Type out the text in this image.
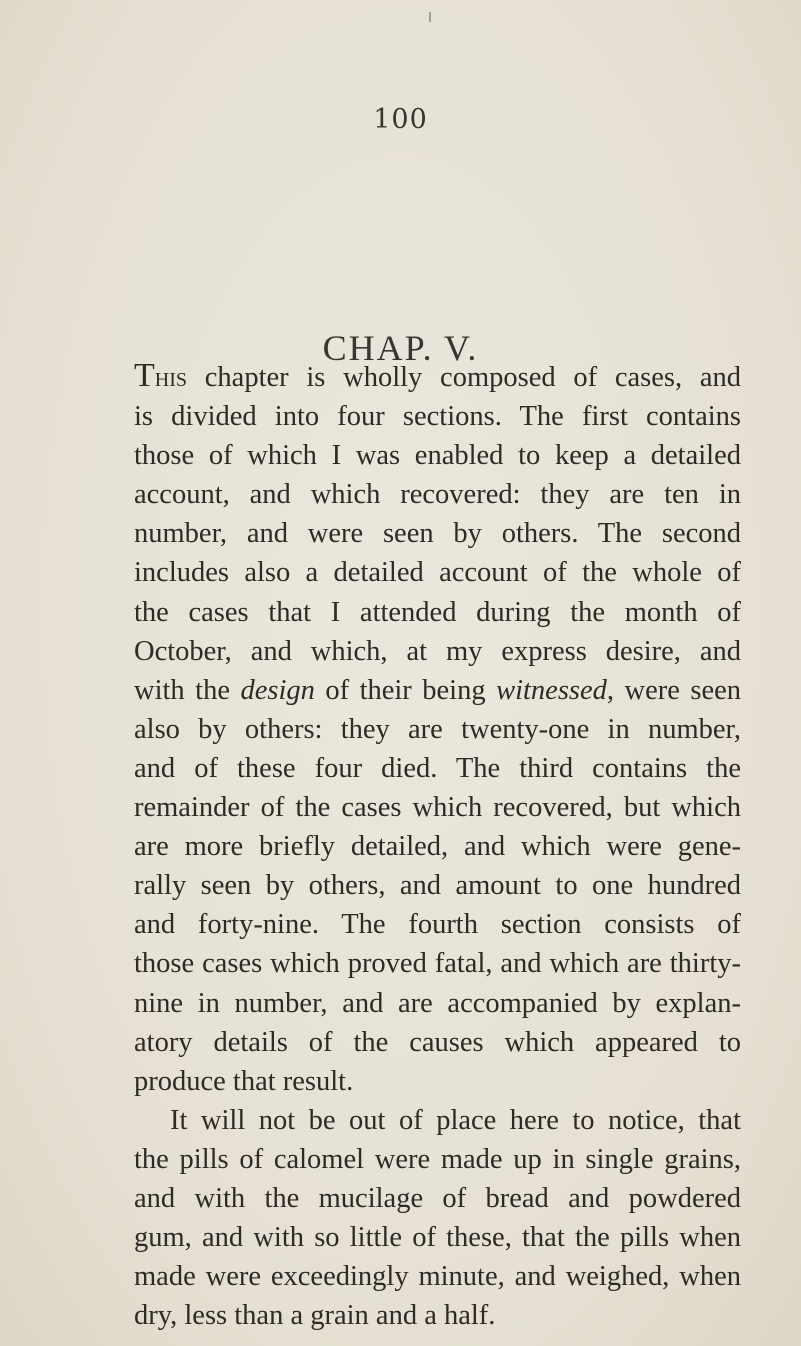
100
CHAP. V.
This chapter is wholly composed of cases, and
is divided into four sections. The first contains
those of which I was enabled to keep a detailed
account, and which recovered: they are ten in
number, and were seen by others. The second
includes also a detailed account of the whole of
the cases that I attended during the month of
October, and which, at my express desire, and
with the design of their being witnessed, were seen
also by others: they are twenty-one in number,
and of these four died. The third contains the
remainder of the cases which recovered, but which
are more briefly detailed, and which were gene-
rally seen by others, and amount to one hundred
and forty-nine. The fourth section consists of
those cases which proved fatal, and which are thirty-
nine in number, and are accompanied by explan-
atory details of the causes which appeared to
produce that result.
It will not be out of place here to notice, that
the pills of calomel were made up in single grains,
and with the mucilage of bread and powdered
gum, and with so little of these, that the pills when
made were exceedingly minute, and weighed, when
dry, less than a grain and a half.
